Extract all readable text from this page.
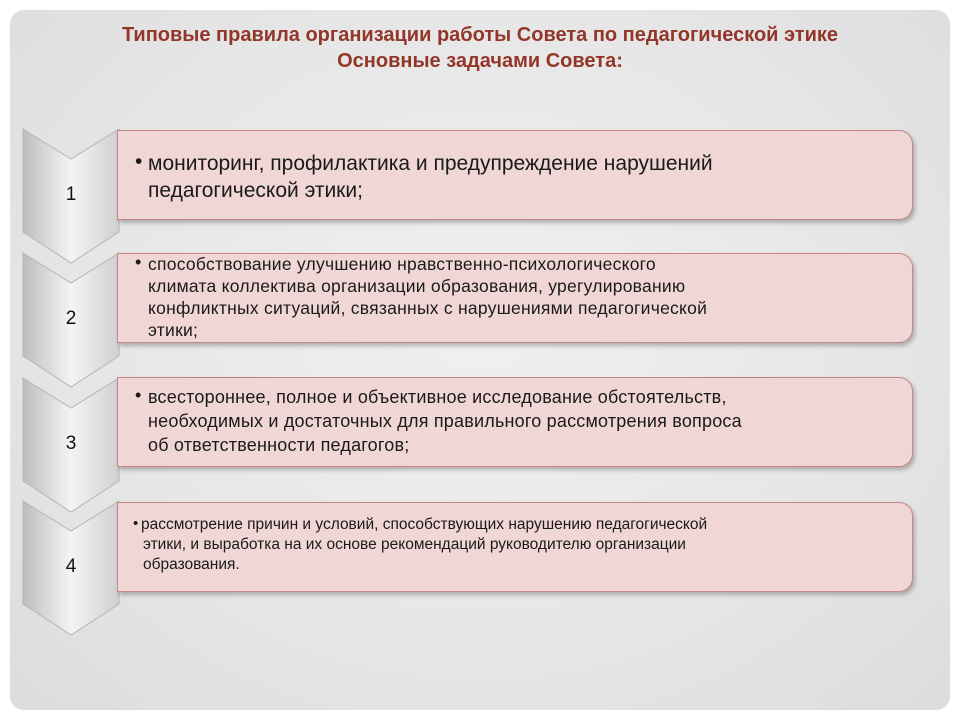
Типовые правила организации работы Совета по педагогической этике
Основные задачами Совета:
1
• мониторинг, профилактика и предупреждение нарушений
педагогической этики;
2
• способствование улучшению нравственно-психологического
климата коллектива организации образования, урегулированию
конфликтных ситуаций, связанных с нарушениями педагогической
этики;
3
• всестороннее, полное и объективное исследование обстоятельств,
необходимых и достаточных для правильного рассмотрения вопроса
об ответственности педагогов;
4
• рассмотрение причин и условий, способствующих нарушению педагогической
этики, и выработка на их основе рекомендаций руководителю организации
образования.
